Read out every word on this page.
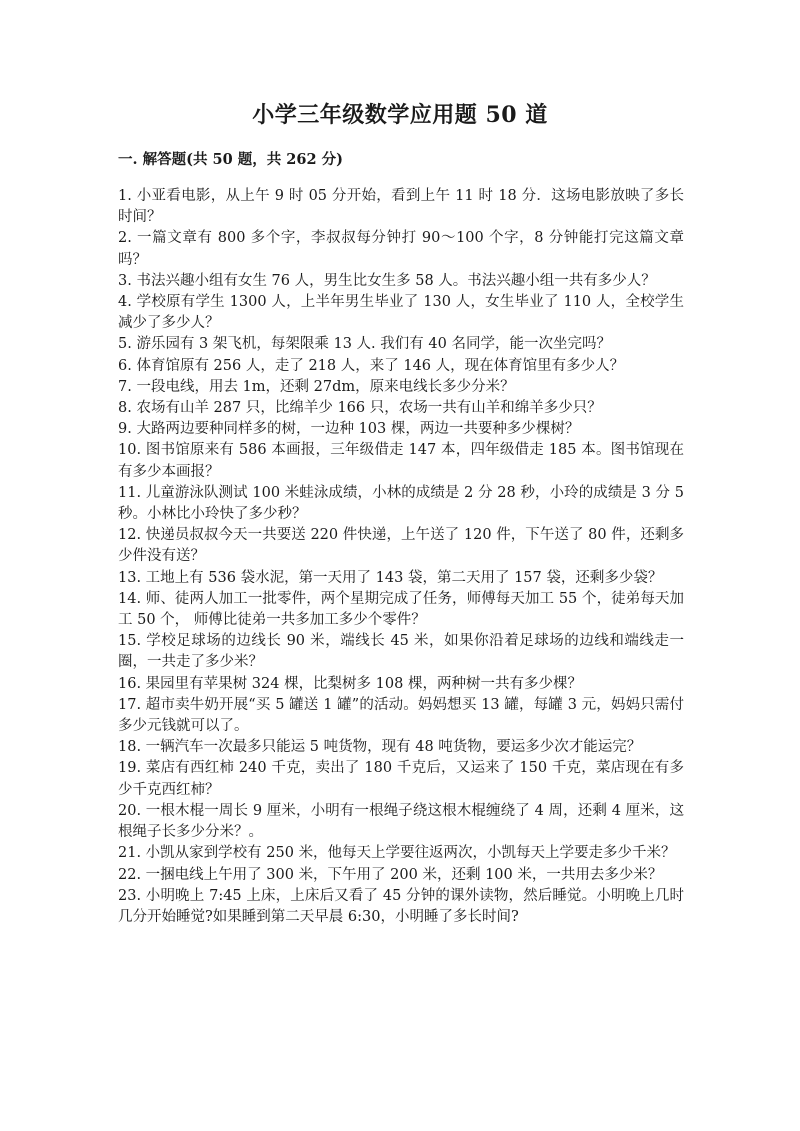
小学三年级数学应用题 50 道
一. 解答题(共 50 题，共 262 分)
1. 小亚看电影，从上午 9 时 05 分开始，看到上午 11 时 18 分．这场电影放映了多长时间？
2. 一篇文章有 800 多个字，李叔叔每分钟打 90～100 个字，8 分钟能打完这篇文章吗？
3. 书法兴趣小组有女生 76 人，男生比女生多 58 人。书法兴趣小组一共有多少人？
4. 学校原有学生 1300 人，上半年男生毕业了 130 人，女生毕业了 110 人，全校学生减少了多少人？
5. 游乐园有 3 架飞机，每架限乘 13 人. 我们有 40 名同学，能一次坐完吗？
6. 体育馆原有 256 人，走了 218 人，来了 146 人，现在体育馆里有多少人？
7. 一段电线，用去 1m，还剩 27dm，原来电线长多少分米？
8. 农场有山羊 287 只，比绵羊少 166 只，农场一共有山羊和绵羊多少只？
9. 大路两边要种同样多的树，一边种 103 棵，两边一共要种多少棵树？
10. 图书馆原来有 586 本画报，三年级借走 147 本，四年级借走 185 本。图书馆现在有多少本画报？
11. 儿童游泳队测试 100 米蛙泳成绩，小林的成绩是 2 分 28 秒，小玲的成绩是 3 分 5 秒。小林比小玲快了多少秒？
12. 快递员叔叔今天一共要送 220 件快递，上午送了 120 件，下午送了 80 件，还剩多少件没有送？
13. 工地上有 536 袋水泥，第一天用了 143 袋，第二天用了 157 袋，还剩多少袋？
14. 师、徒两人加工一批零件，两个星期完成了任务，师傅每天加工 55 个，徒弟每天加工 50 个， 师傅比徒弟一共多加工多少个零件？
15. 学校足球场的边线长 90 米，端线长 45 米，如果你沿着足球场的边线和端线走一圈，一共走了多少米？
16. 果园里有苹果树 324 棵，比梨树多 108 棵，两种树一共有多少棵？
17. 超市卖牛奶开展“买 5 罐送 1 罐”的活动。妈妈想买 13 罐，每罐 3 元，妈妈只需付多少元钱就可以了。
18. 一辆汽车一次最多只能运 5 吨货物，现有 48 吨货物，要运多少次才能运完？
19. 菜店有西红柿 240 千克，卖出了 180 千克后，又运来了 150 千克，菜店现在有多少千克西红柿？
20. 一根木棍一周长 9 厘米，小明有一根绳子绕这根木棍缠绕了 4 周，还剩 4 厘米，这根绳子长多少分米？。
21. 小凯从家到学校有 250 米，他每天上学要往返两次，小凯每天上学要走多少千米？
22. 一捆电线上午用了 300 米，下午用了 200 米，还剩 100 米，一共用去多少米？
23. 小明晚上 7:45 上床，上床后又看了 45 分钟的课外读物，然后睡觉。小明晚上几时几分开始睡觉?如果睡到第二天早晨 6:30，小明睡了多长时间?
